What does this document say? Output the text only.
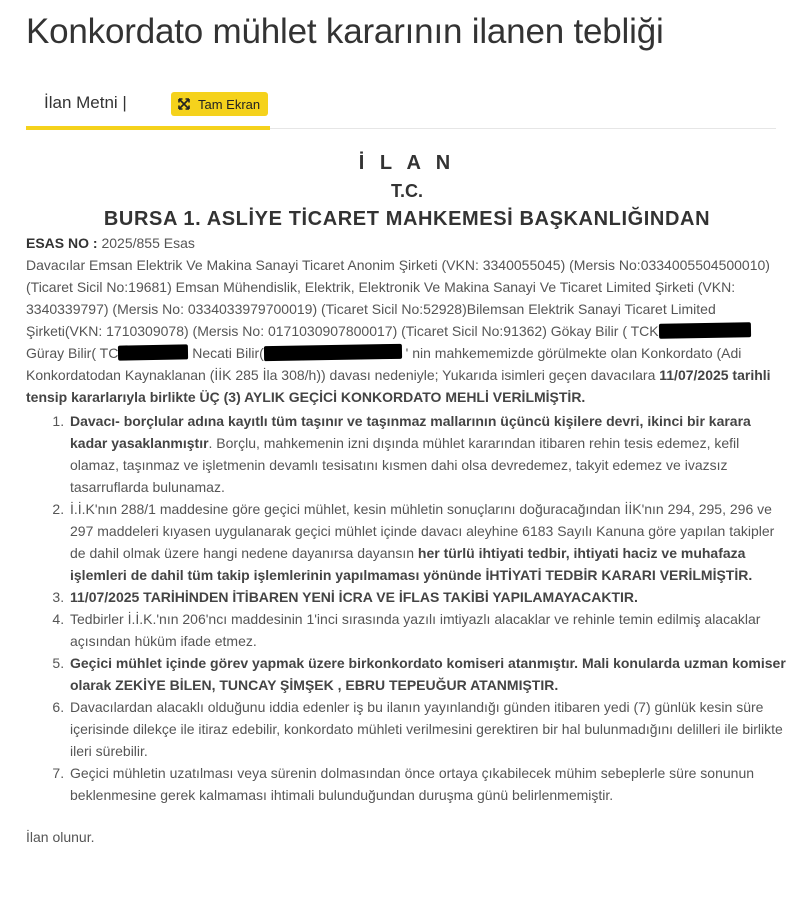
Konkordato mühlet kararının ilanen tebliği
İlan Metni |	Tam Ekran
İ L A N
T.C.
BURSA 1. ASLİYE TİCARET MAHKEMESİ BAŞKANLIĞINDAN

ESAS NO : 2025/855 Esas

Davacılar Emsan Elektrik Ve Makina Sanayi Ticaret Anonim Şirketi (VKN: 3340055045) (Mersis No:0334005504500010) (Ticaret Sicil No:19681) Emsan Mühendislik, Elektrik, Elektronik Ve Makina Sanayi Ve Ticaret Limited Şirketi (VKN: 3340339797) (Mersis No: 0334033979700019) (Ticaret Sicil No:52928)Bilemsan Elektrik Sanayi Ticaret Limited Şirketi(VKN: 1710309078) (Mersis No: 0171030907800017) (Ticaret Sicil No:91362) Gökay Bilir ( TCK Güray Bilir( TC	Necati Bilir(	' nin mahkememizde görülmekte olan Konkordato (Adi Konkordatodan Kaynaklanan (İİK 285 İla 308/h)) davası nedeniyle; Yukarıda isimleri geçen davacılara 11/07/2025 tarihli tensip kararlarıyla birlikte ÜÇ (3) AYLIK GEÇİCİ KONKORDATO MEHLİ VERİLMİŞTİR.

1. Davacı- borçlular adına kayıtlı tüm taşınır ve taşınmaz mallarının üçüncü kişilere devri, ikinci bir karara kadar yasaklanmıştır. Borçlu, mahkemenin izni dışında mühlet kararından itibaren rehin tesis edemez, kefil olamaz, taşınmaz ve işletmenin devamlı tesisatını kısmen dahi olsa devredemez, takyit edemez ve ivazsız tasarruflarda bulunamaz.
2. İ.İ.K'nın 288/1 maddesine göre geçici mühlet, kesin mühletin sonuçlarını doğuracağından İİK'nın 294, 295, 296 ve 297 maddeleri kıyasen uygulanarak geçici mühlet içinde davacı aleyhine 6183 Sayılı Kanuna göre yapılan takipler de dahil olmak üzere hangi nedene dayanırsa dayansın her türlü ihtiyati tedbir, ihtiyati haciz ve muhafaza işlemleri de dahil tüm takip işlemlerinin yapılmaması yönünde İHTİYATİ TEDBİR KARARI VERİLMİŞTİR.
3. 11/07/2025 TARİHİNDEN İTİBAREN YENİ İCRA VE İFLAS TAKİBİ YAPILAMAYACAKTIR.
4. Tedbirler İ.İ.K.'nın 206'ncı maddesinin 1'inci sırasında yazılı imtiyazlı alacaklar ve rehinle temin edilmiş alacaklar açısından hüküm ifade etmez.
5. Geçici mühlet içinde görev yapmak üzere birkonkordato komiseri atanmıştır. Mali konularda uzman komiser olarak ZEKİYE BİLEN, TUNCAY ŞİMŞEK , EBRU TEPEUĞUR ATANMIŞTIR.
6. Davacılardan alacaklı olduğunu iddia edenler iş bu ilanın yayınlandığı günden itibaren yedi (7) günlük kesin süre içerisinde dilekçe ile itiraz edebilir, konkordato mühleti verilmesini gerektiren bir hal bulunmadığını delilleri ile birlikte ileri sürebilir.
7. Geçici mühletin uzatılması veya sürenin dolmasından önce ortaya çıkabilecek mühim sebeplerle süre sonunun beklenmesine gerek kalmaması ihtimali bulunduğundan duruşma günü belirlenmemiştir.

İlan olunur.
